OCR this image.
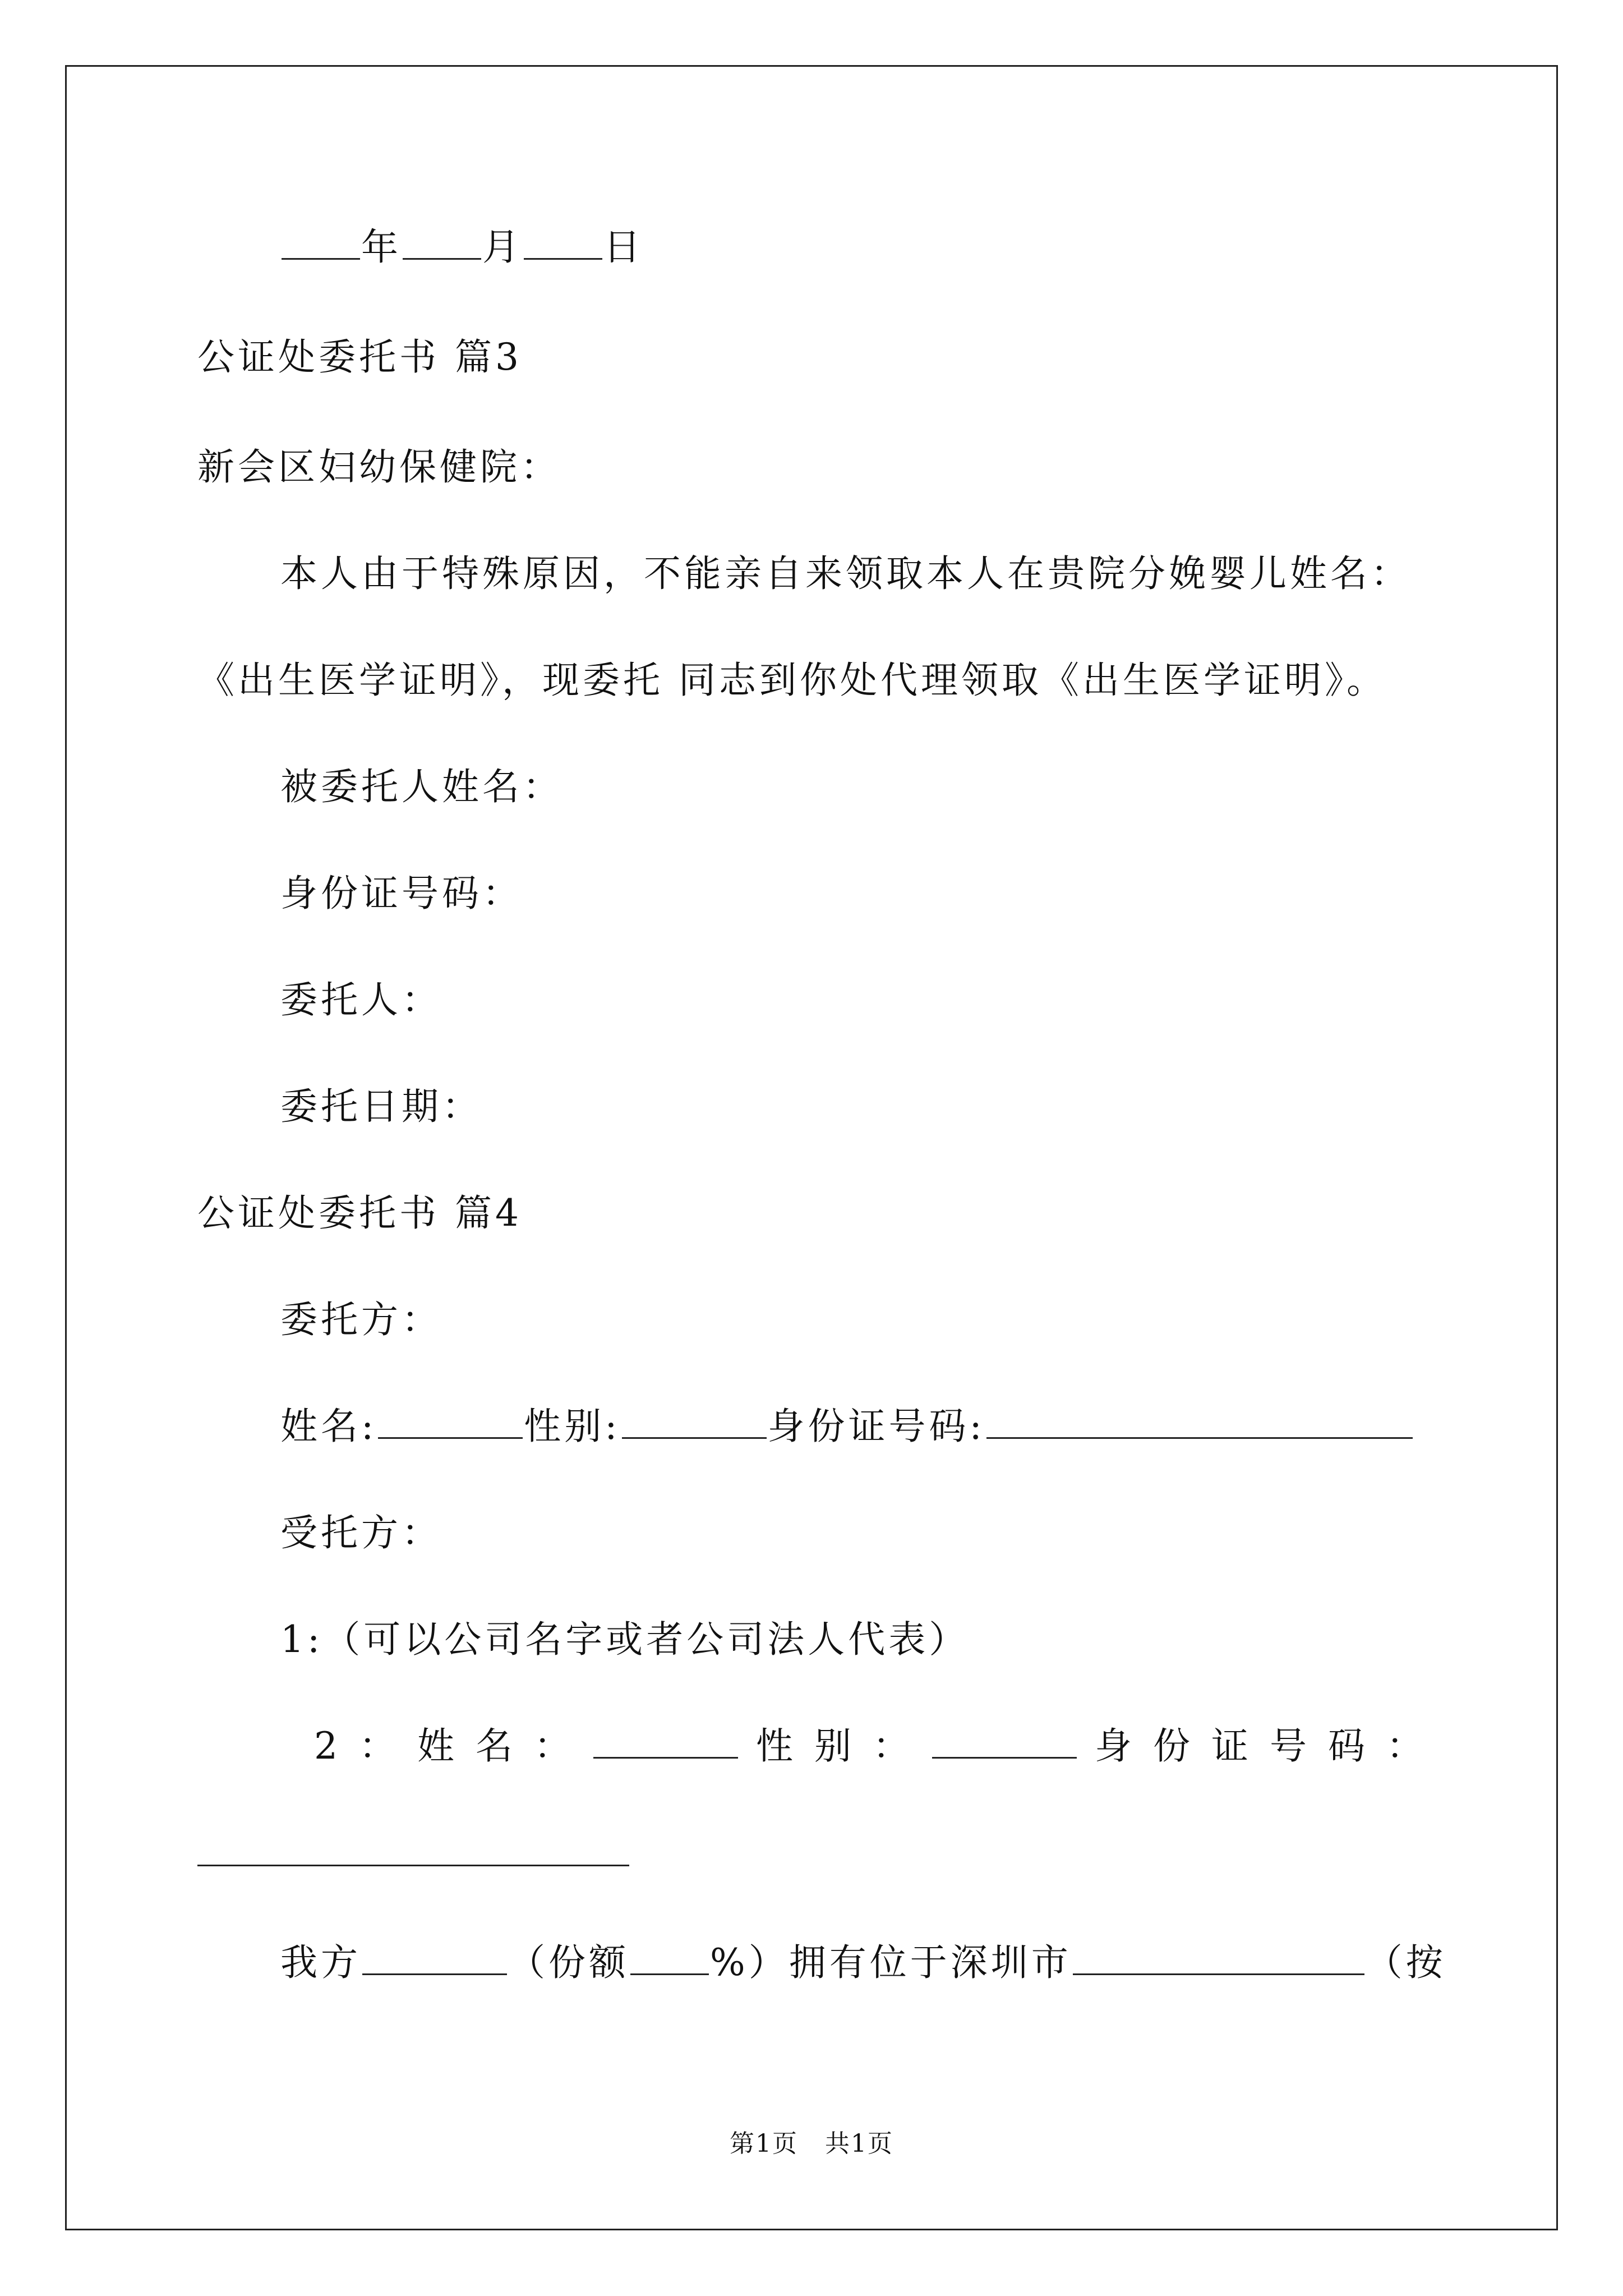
年 月 日
公证处委托书 篇3
新会区妇幼保健院：
本人由于特殊原因，不能亲自来领取本人在贵院分娩婴儿姓名：
《出生医学证明》，现委托 同志到你处代理领取《出生医学证明》。
被委托人姓名：
身份证号码：
委托人：
委托日期：
公证处委托书 篇4
委托方：
姓名:	性别:	身份证号码:
受托方：
1:（可以公司名字或者公司法人代表）
2：姓名：	性别：	身份证号码：
我方	（份额 %）拥有位于深圳市	（按
第1页 共1页
